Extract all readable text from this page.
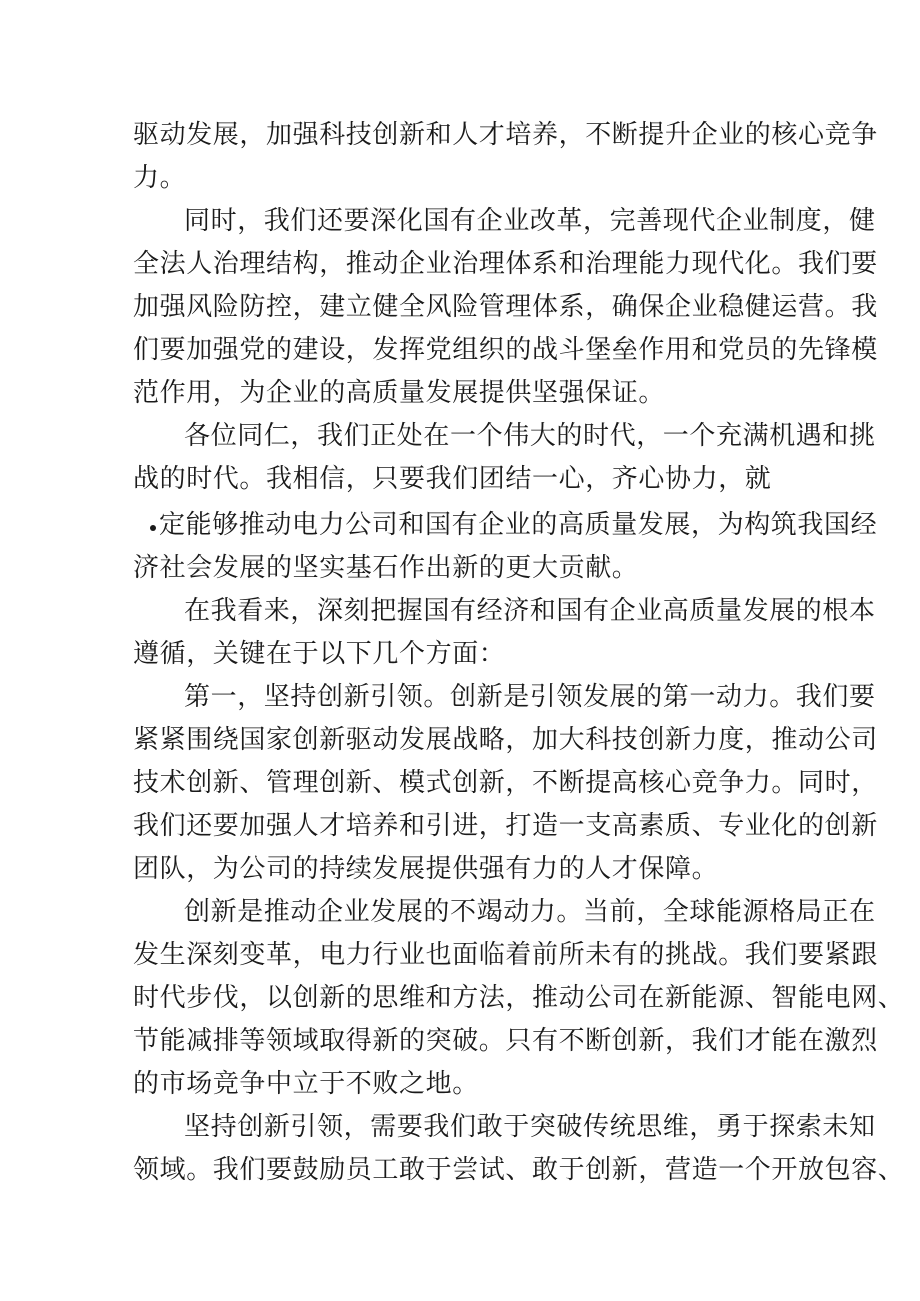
驱动发展，加强科技创新和人才培养，不断提升企业的核心竞争
力。
同时，我们还要深化国有企业改革，完善现代企业制度，健
全法人治理结构，推动企业治理体系和治理能力现代化。我们要
加强风险防控，建立健全风险管理体系，确保企业稳健运营。我
们要加强党的建设，发挥党组织的战斗堡垒作用和党员的先锋模
范作用，为企业的高质量发展提供坚强保证。
各位同仁，我们正处在一个伟大的时代，一个充满机遇和挑
战的时代。我相信，只要我们团结一心，齐心协力，就
定能够推动电力公司和国有企业的高质量发展，为构筑我国经
济社会发展的坚实基石作出新的更大贡献。
在我看来，深刻把握国有经济和国有企业高质量发展的根本
遵循，关键在于以下几个方面：
第一，坚持创新引领。创新是引领发展的第一动力。我们要
紧紧围绕国家创新驱动发展战略，加大科技创新力度，推动公司
技术创新、管理创新、模式创新，不断提高核心竞争力。同时，
我们还要加强人才培养和引进，打造一支高素质、专业化的创新
团队，为公司的持续发展提供强有力的人才保障。
创新是推动企业发展的不竭动力。当前，全球能源格局正在
发生深刻变革，电力行业也面临着前所未有的挑战。我们要紧跟
时代步伐，以创新的思维和方法，推动公司在新能源、智能电网、
节能减排等领域取得新的突破。只有不断创新，我们才能在激烈
的市场竞争中立于不败之地。
坚持创新引领，需要我们敢于突破传统思维，勇于探索未知
领域。我们要鼓励员工敢于尝试、敢于创新，营造一个开放包容、
